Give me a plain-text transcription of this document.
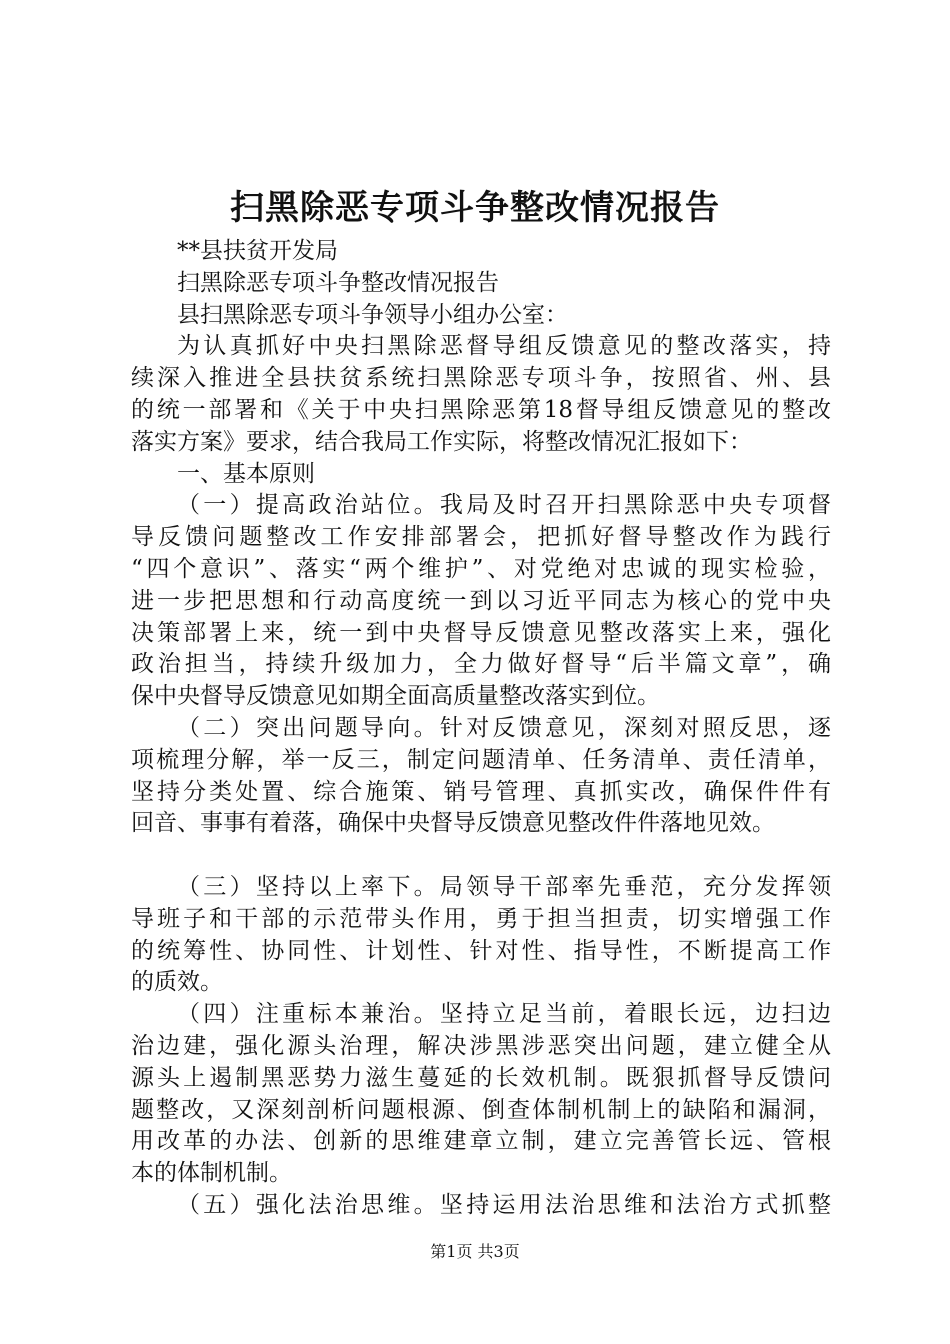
扫黑除恶专项斗争整改情况报告
**县扶贫开发局
扫黑除恶专项斗争整改情况报告
县扫黑除恶专项斗争领导小组办公室：
为认真抓好中央扫黑除恶督导组反馈意见的整改落实，持
续深入推进全县扶贫系统扫黑除恶专项斗争，按照省、州、县
的统一部署和《关于中央扫黑除恶第18督导组反馈意见的整改
落实方案》要求，结合我局工作实际，将整改情况汇报如下：
一、基本原则
（一）提高政治站位。我局及时召开扫黑除恶中央专项督
导反馈问题整改工作安排部署会，把抓好督导整改作为践行
“四个意识”、落实“两个维护”、对党绝对忠诚的现实检验，
进一步把思想和行动高度统一到以习近平同志为核心的党中央
决策部署上来，统一到中央督导反馈意见整改落实上来，强化
政治担当，持续升级加力，全力做好督导“后半篇文章”，确
保中央督导反馈意见如期全面高质量整改落实到位。
（二）突出问题导向。针对反馈意见，深刻对照反思，逐
项梳理分解，举一反三，制定问题清单、任务清单、责任清单，
坚持分类处置、综合施策、销号管理、真抓实改，确保件件有
回音、事事有着落，确保中央督导反馈意见整改件件落地见效。
（三）坚持以上率下。局领导干部率先垂范，充分发挥领
导班子和干部的示范带头作用，勇于担当担责，切实增强工作
的统筹性、协同性、计划性、针对性、指导性，不断提高工作
的质效。
（四）注重标本兼治。坚持立足当前，着眼长远，边扫边
治边建，强化源头治理，解决涉黑涉恶突出问题，建立健全从
源头上遏制黑恶势力滋生蔓延的长效机制。既狠抓督导反馈问
题整改，又深刻剖析问题根源、倒查体制机制上的缺陷和漏洞，
用改革的办法、创新的思维建章立制，建立完善管长远、管根
本的体制机制。
（五）强化法治思维。坚持运用法治思维和法治方式抓整
第1页 共3页
